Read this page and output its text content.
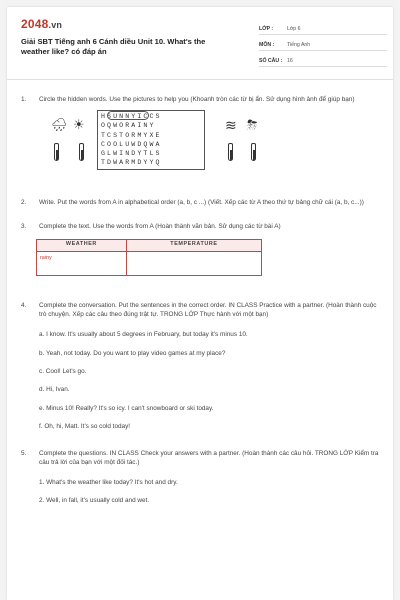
2048.vn
Giải SBT Tiếng anh 6 Cánh diều Unit 10. What's the weather like? có đáp án
LỚP :	Lớp 6
MÔN :	Tiếng Anh
SỐ CÂU : 16
1. Circle the hidden words. Use the pictures to help you (Khoanh tròn các từ bị ẩn. Sử dụng hình ảnh để giúp bạn)
🌧 ☀
HSUNNYICCS
OQWORAINY
TCSTORMYXE
COOLUWDQWA
GLWINDYTLS
TDWARMDYYQ
≋ ⛈
2. Write. Put the words from A in alphabetical order (a, b, c ...) (Viết. Xếp các từ A theo thứ tự bảng chữ cái (a, b, c...))
3. Complete the text. Use the words from A (Hoàn thành văn bản. Sử dụng các từ bài A)
WEATHER	TEMPERATURE
rainy	
4. Complete the conversation. Put the sentences in the correct order. IN CLASS Practice with a partner. (Hoàn thành cuộc trò chuyện. Xếp các câu theo đúng trật tự. TRONG LỚP Thực hành với một bạn)
a. I know. It's usually about 5 degrees in February, but today it's minus 10.
b. Yeah, not today. Do you want to play video games at my place?
c. Cool! Let's go.
d. Hi, Ivan.
e. Minus 10! Really? It's so icy. I can't snowboard or ski today.
f. Oh, hi, Matt. It's so cold today!
5. Complete the questions. IN CLASS Check your answers with a partner. (Hoàn thành các câu hỏi. TRONG LỚP Kiểm tra câu trả lời của bạn với một đối tác.)
1. What's the weather like today? It's hot and dry.
2. Well, in fall, it's usually cold and wet.
